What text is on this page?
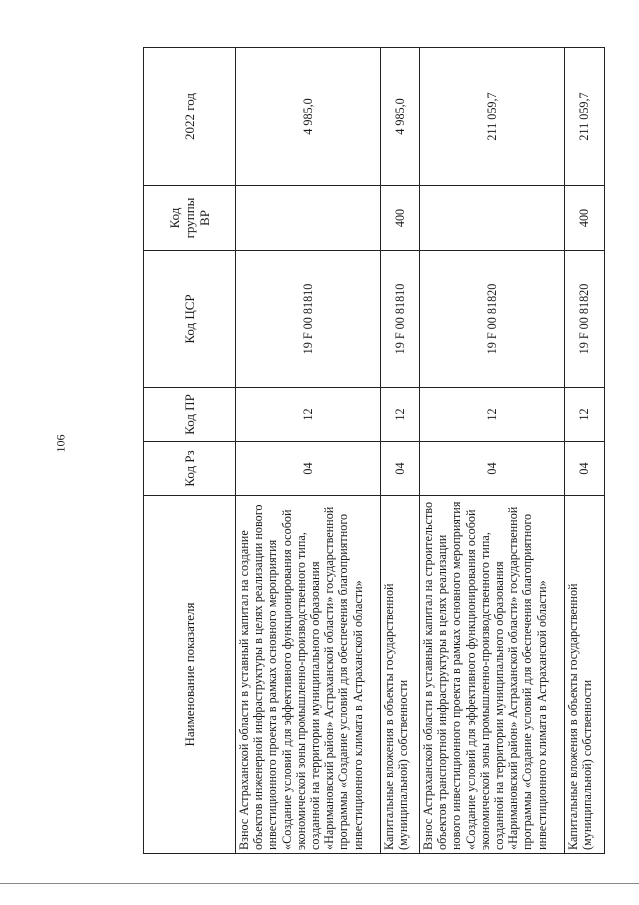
106
Наименование показателя	Код Рз	Код ПР	Код ЦСР	Код группы ВР	2022 год
Взнос Астраханской области в уставный капитал на создание объектов инженерной инфраструктуры в целях реализации нового инвестиционного проекта в рамках основного мероприятия «Создание условий для эффективного функционирования особой экономической зоны промышленно-производственного типа, созданной на территории муниципального образования «Наримановский район» Астраханской области» государственной программы «Создание условий для обеспечения благоприятного инвестиционного климата в Астраханской области»	04	12	19 F 00 81810		4 985,0
Капитальные вложения в объекты государственной (муниципальной) собственности	04	12	19 F 00 81810	400	4 985,0
Взнос Астраханской области в уставный капитал на строительство объектов транспортной инфраструктуры в целях реализации нового инвестиционного проекта в рамках основного мероприятия «Создание условий для эффективного функционирования особой экономической зоны промышленно-производственного типа, созданной на территории муниципального образования «Наримановский район» Астраханской области» государственной программы «Создание условий для обеспечения благоприятного инвестиционного климата в Астраханской области»	04	12	19 F 00 81820		211 059,7
Капитальные вложения в объекты государственной (муниципальной) собственности	04	12	19 F 00 81820	400	211 059,7
